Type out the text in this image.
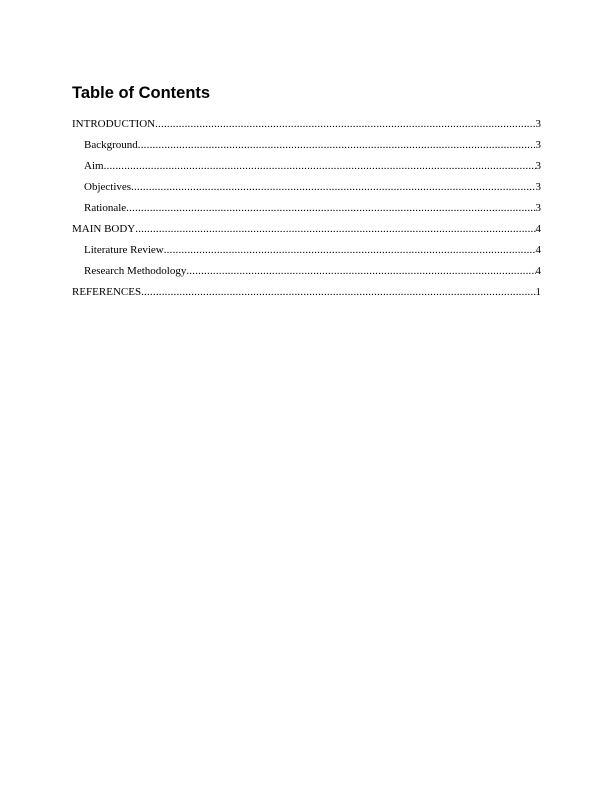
Table of Contents
INTRODUCTION .....	3
Background .....	3
Aim .....	3
Objectives .....	3
Rationale .....	3
MAIN BODY .....	4
Literature Review .....	4
Research Methodology .....	4
REFERENCES .....	1
